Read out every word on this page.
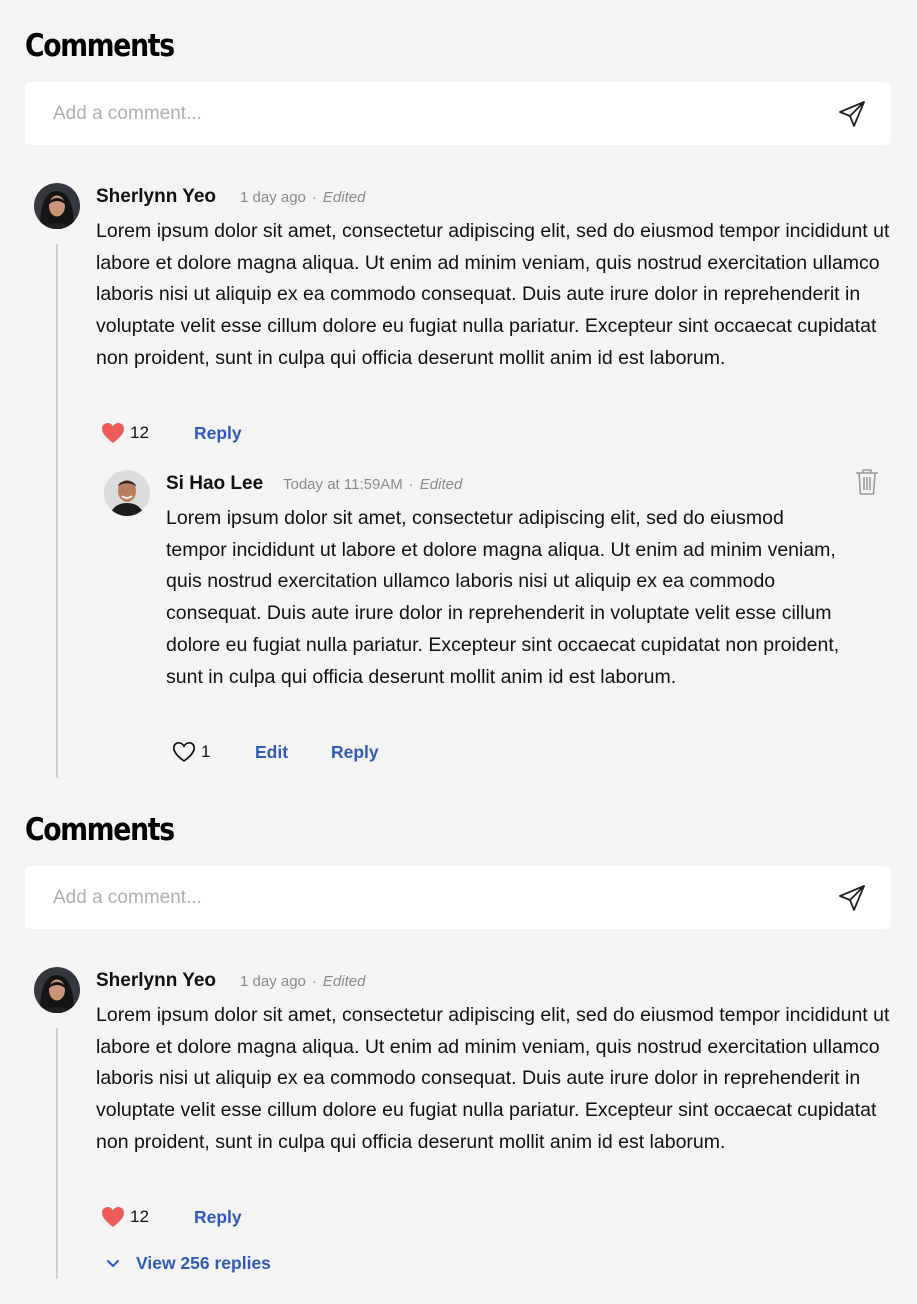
Comments
Add a comment...
Sherlynn Yeo 1 day ago · Edited
Lorem ipsum dolor sit amet, consectetur adipiscing elit, sed do eiusmod tempor incididunt ut labore et dolore magna aliqua. Ut enim ad minim veniam, quis nostrud exercitation ullamco laboris nisi ut aliquip ex ea commodo consequat. Duis aute irure dolor in reprehenderit in voluptate velit esse cillum dolore eu fugiat nulla pariatur. Excepteur sint occaecat cupidatat non proident, sunt in culpa qui officia deserunt mollit anim id est laborum.
12	Reply
Si Hao Lee Today at 11:59AM · Edited
Lorem ipsum dolor sit amet, consectetur adipiscing elit, sed do eiusmod tempor incididunt ut labore et dolore magna aliqua. Ut enim ad minim veniam, quis nostrud exercitation ullamco laboris nisi ut aliquip ex ea commodo consequat. Duis aute irure dolor in reprehenderit in voluptate velit esse cillum dolore eu fugiat nulla pariatur. Excepteur sint occaecat cupidatat non proident, sunt in culpa qui officia deserunt mollit anim id est laborum.
1	Edit Reply
Comments
Add a comment...
Sherlynn Yeo 1 day ago · Edited
Lorem ipsum dolor sit amet, consectetur adipiscing elit, sed do eiusmod tempor incididunt ut labore et dolore magna aliqua. Ut enim ad minim veniam, quis nostrud exercitation ullamco laboris nisi ut aliquip ex ea commodo consequat. Duis aute irure dolor in reprehenderit in voluptate velit esse cillum dolore eu fugiat nulla pariatur. Excepteur sint occaecat cupidatat non proident, sunt in culpa qui officia deserunt mollit anim id est laborum.
12	Reply
View 256 replies
